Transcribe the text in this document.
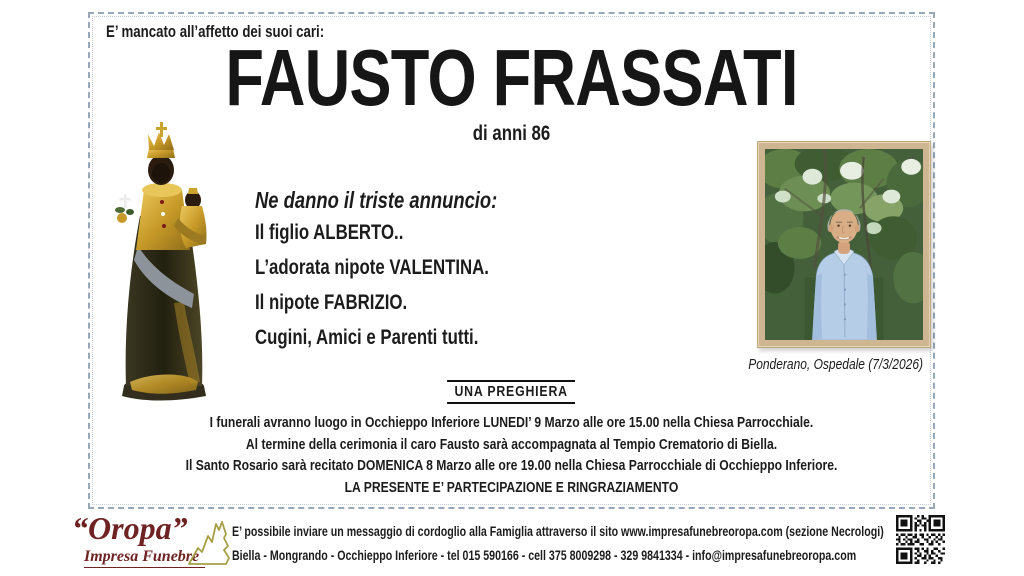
E’ mancato all’affetto dei suoi cari:
FAUSTO FRASSATI
di anni 86
Ponderano, Ospedale (7/3/2026)
Ne danno il triste annuncio:
Il figlio ALBERTO..
L’adorata nipote VALENTINA.
Il nipote FABRIZIO.
Cugini, Amici e Parenti tutti.
UNA PREGHIERA
I funerali avranno luogo in Occhieppo Inferiore LUNEDI’ 9 Marzo alle ore 15.00 nella Chiesa Parrocchiale.
Al termine della cerimonia il caro Fausto sarà accompagnata al Tempio Crematorio di Biella.
Il Santo Rosario sarà recitato DOMENICA 8 Marzo alle ore 19.00 nella Chiesa Parrocchiale di Occhieppo Inferiore.
LA PRESENTE E’ PARTECIPAZIONE E RINGRAZIAMENTO
“Oropa”
Impresa Funebre
E’ possibile inviare un messaggio di cordoglio alla Famiglia attraverso il sito www.impresafunebreoropa.com (sezione Necrologi)
Biella - Mongrando - Occhieppo Inferiore - tel 015 590166 - cell 375 8009298 - 329 9841334 - info@impresafunebreoropa.com
